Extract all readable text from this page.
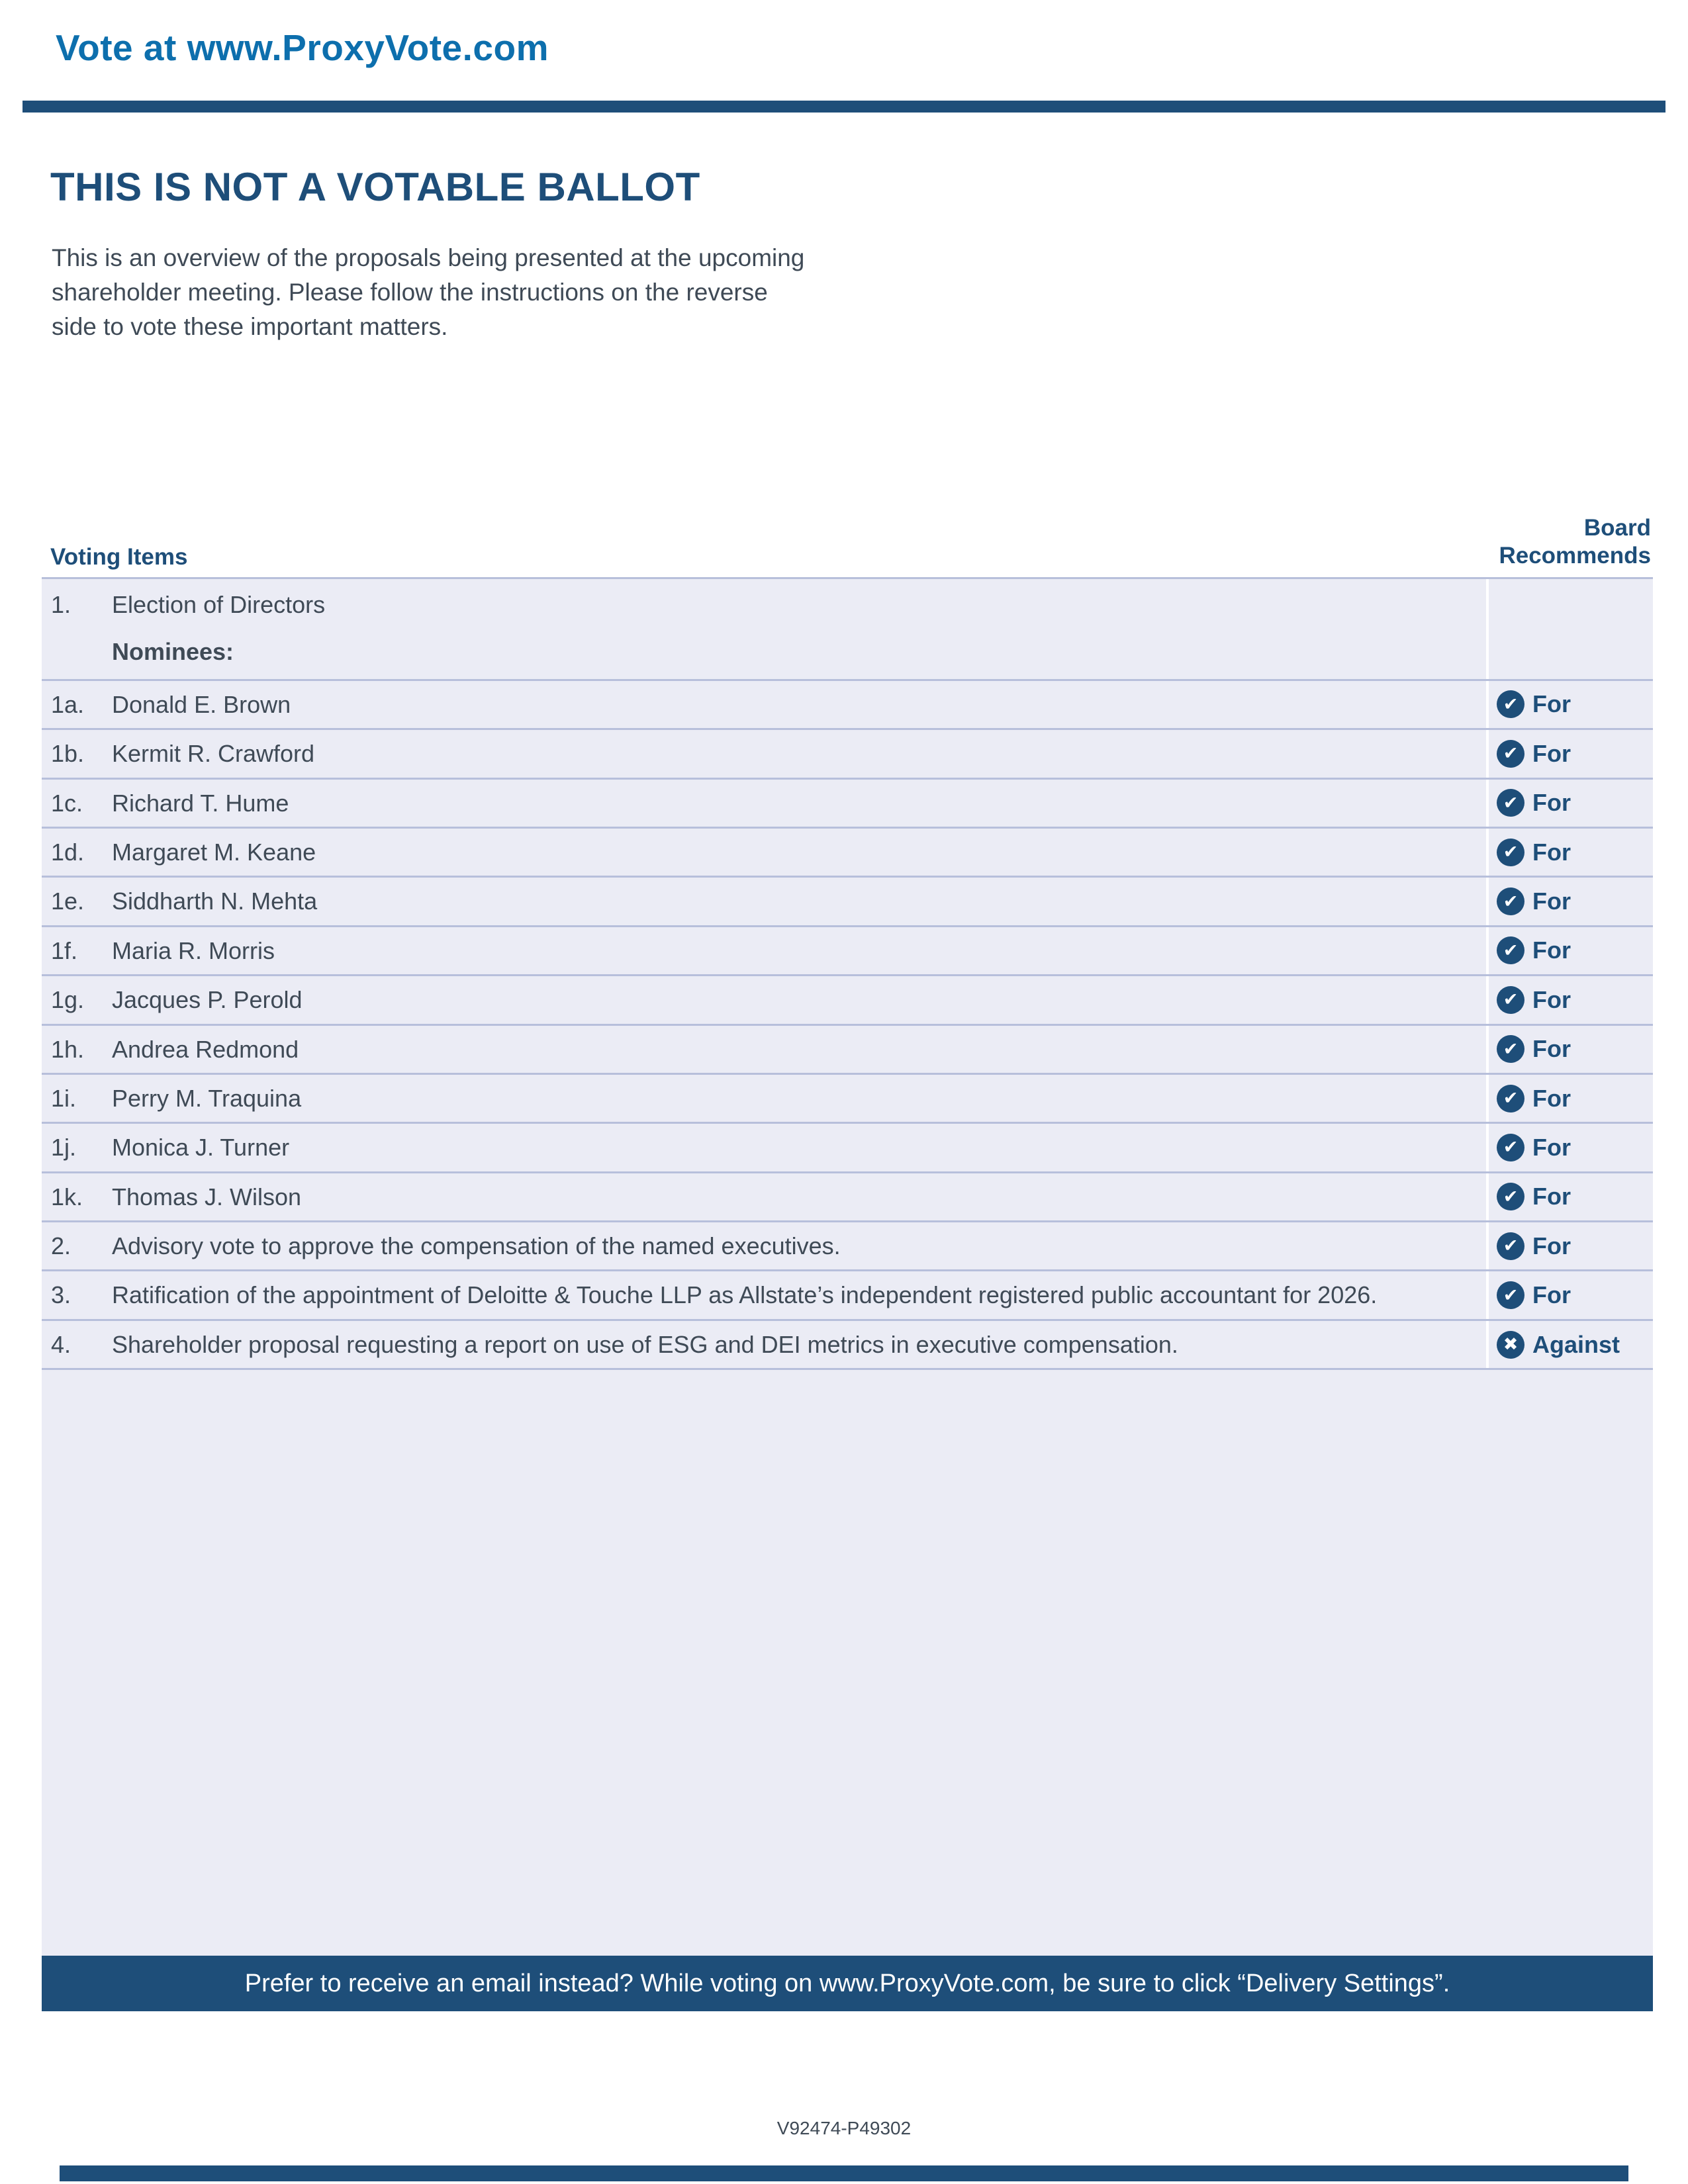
Vote at www.ProxyVote.com
THIS IS NOT A VOTABLE BALLOT

This is an overview of the proposals being presented at the upcoming shareholder meeting. Please follow the instructions on the reverse side to vote these important matters.

Voting Items
Board
Recommends
1.	Election of Directors
Nominees:
1a.	Donald E. Brown ✔	For
1b.	Kermit R. Crawford ✔	For
1c.	Richard T. Hume ✔	For
1d.	Margaret M. Keane ✔	For
1e.	Siddharth N. Mehta ✔	For
1f.	Maria R. Morris ✔	For
1g.	Jacques P. Perold ✔	For
1h.	Andrea Redmond ✔	For
1i.	Perry M. Traquina ✔	For
1j.	Monica J. Turner ✔	For
1k.	Thomas J. Wilson ✔	For
2.	Advisory vote to approve the compensation of the named executives. ✔	For
3.	Ratification of the appointment of Deloitte & Touche LLP as Allstate’s independent registered public accountant for 2026. ✔	For
4.	Shareholder proposal requesting a report on use of ESG and DEI metrics in executive compensation. ✖	Against
Prefer to receive an email instead? While voting on www.ProxyVote.com, be sure to click “Delivery Settings”.
V92474-P49302
